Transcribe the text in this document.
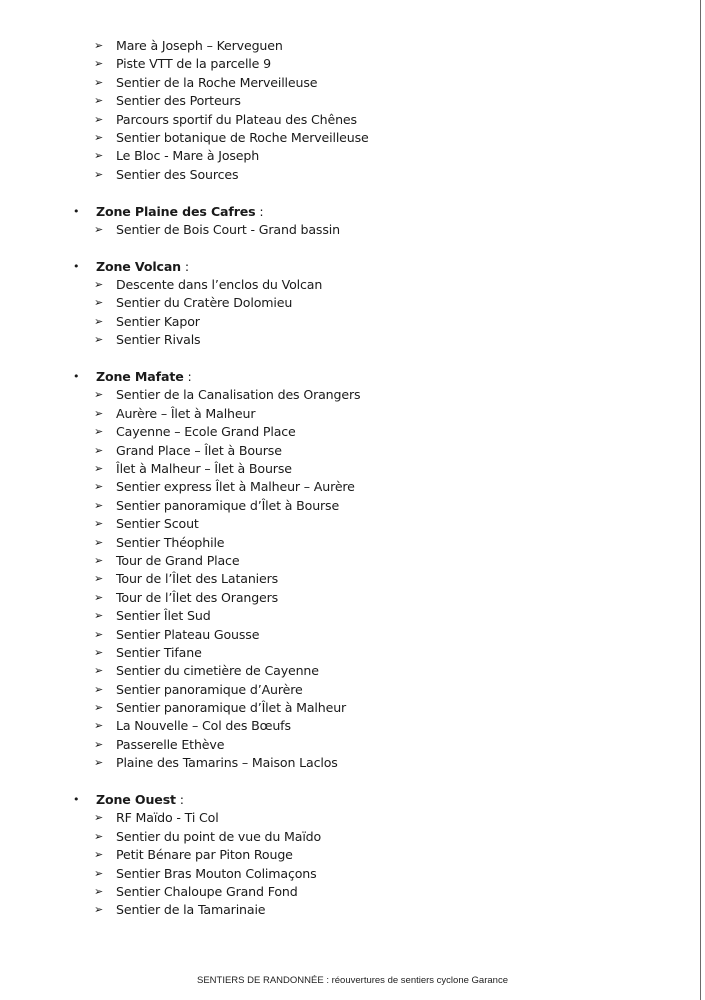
➢ Mare à Joseph – Kerveguen
➢ Piste VTT de la parcelle 9
➢ Sentier de la Roche Merveilleuse
➢ Sentier des Porteurs
➢ Parcours sportif du Plateau des Chênes
➢ Sentier botanique de Roche Merveilleuse
➢ Le Bloc - Mare à Joseph
➢ Sentier des Sources
• Zone Plaine des Cafres :
➢ Sentier de Bois Court - Grand bassin
• Zone Volcan :
➢ Descente dans l’enclos du Volcan
➢ Sentier du Cratère Dolomieu
➢ Sentier Kapor
➢ Sentier Rivals
• Zone Mafate :
➢ Sentier de la Canalisation des Orangers
➢ Aurère – Îlet à Malheur
➢ Cayenne – Ecole Grand Place
➢ Grand Place – Îlet à Bourse
➢ Îlet à Malheur – Îlet à Bourse
➢ Sentier express Îlet à Malheur – Aurère
➢ Sentier panoramique d’Îlet à Bourse
➢ Sentier Scout
➢ Sentier Théophile
➢ Tour de Grand Place
➢ Tour de l’Îlet des Lataniers
➢ Tour de l’Îlet des Orangers
➢ Sentier Îlet Sud
➢ Sentier Plateau Gousse
➢ Sentier Tifane
➢ Sentier du cimetière de Cayenne
➢ Sentier panoramique d’Aurère
➢ Sentier panoramique d’Îlet à Malheur
➢ La Nouvelle – Col des Bœufs
➢ Passerelle Ethève
➢ Plaine des Tamarins – Maison Laclos
• Zone Ouest :
➢ RF Maïdo - Ti Col
➢ Sentier du point de vue du Maïdo
➢ Petit Bénare par Piton Rouge
➢ Sentier Bras Mouton Colimaçons
➢ Sentier Chaloupe Grand Fond
➢ Sentier de la Tamarinaie
SENTIERS DE RANDONNÉE : réouvertures de sentiers cyclone Garance
